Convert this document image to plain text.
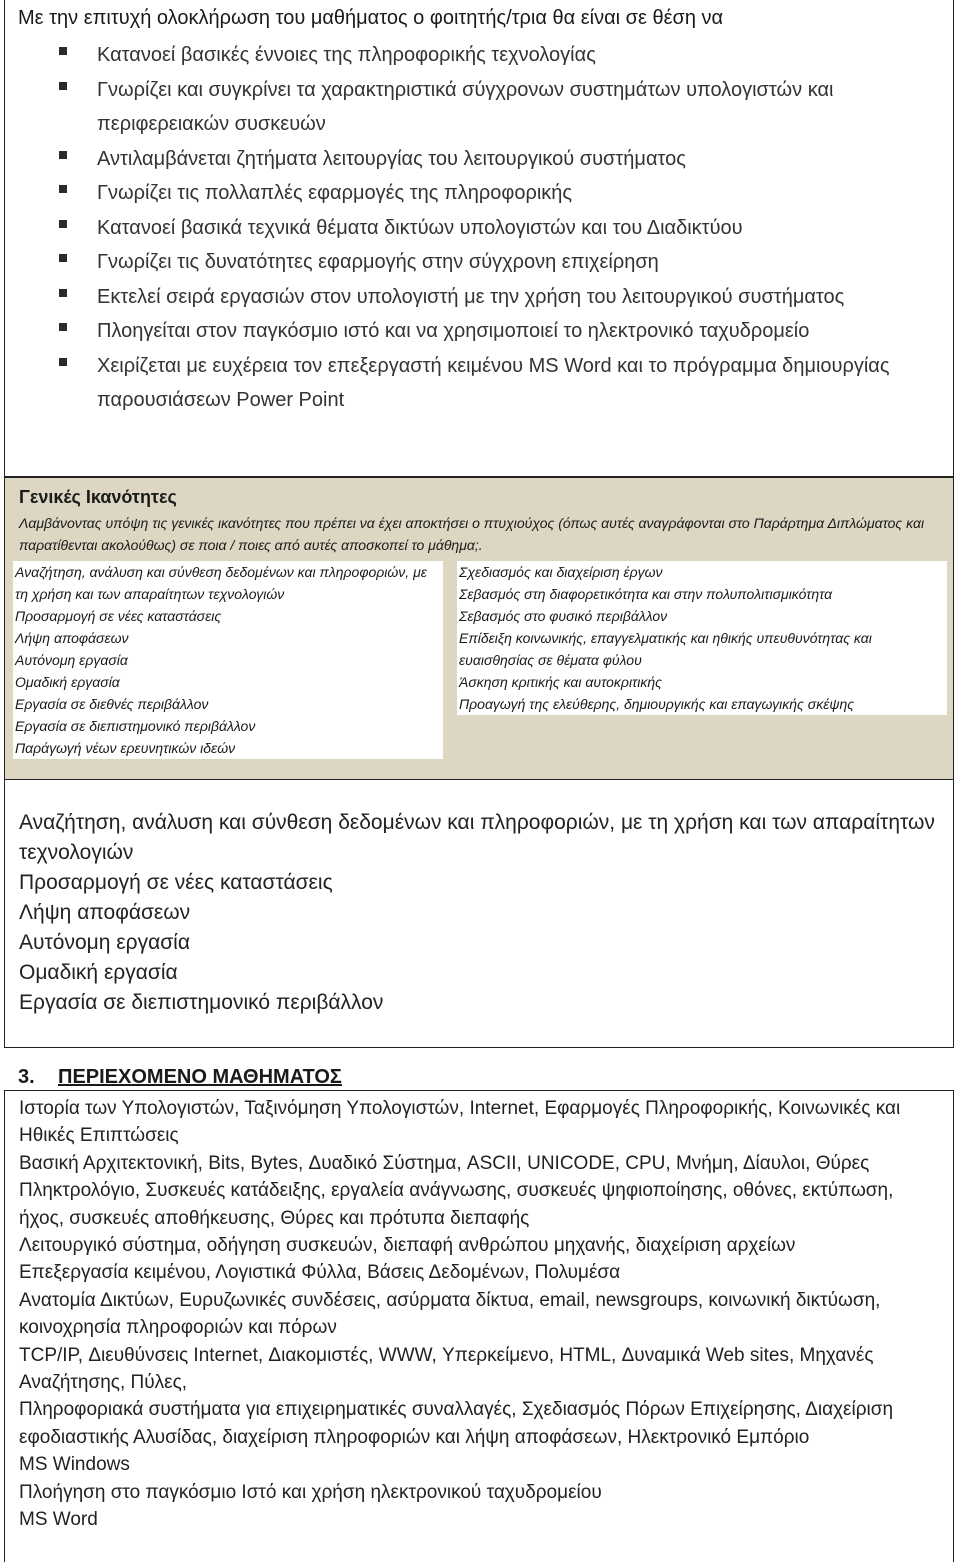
Με την επιτυχή ολοκλήρωση του μαθήματος ο φοιτητής/τρια θα είναι σε θέση να
Κατανοεί βασικές έννοιες της πληροφορικής τεχνολογίας
Γνωρίζει και συγκρίνει τα χαρακτηριστικά σύγχρονων συστημάτων υπολογιστών και περιφερειακών συσκευών
Αντιλαμβάνεται ζητήματα λειτουργίας του λειτουργικού συστήματος
Γνωρίζει τις πολλαπλές εφαρμογές της πληροφορικής
Κατανοεί βασικά τεχνικά θέματα δικτύων υπολογιστών και του Διαδικτύου
Γνωρίζει τις δυνατότητες εφαρμογής στην σύγχρονη επιχείρηση
Εκτελεί σειρά εργασιών στον υπολογιστή με την χρήση του λειτουργικού συστήματος
Πλοηγείται στον παγκόσμιο ιστό και να χρησιμοποιεί το ηλεκτρονικό ταχυδρομείο
Χειρίζεται με ευχέρεια τον επεξεργαστή κειμένου MS Word και το πρόγραμμα δημιουργίας παρουσιάσεων Power Point
Γενικές Ικανότητες
Λαμβάνοντας υπόψη τις γενικές ικανότητες που πρέπει να έχει αποκτήσει ο πτυχιούχος (όπως αυτές αναγράφονται στο Παράρτημα Διπλώματος και παρατίθενται ακολούθως) σε ποια / ποιες από αυτές αποσκοπεί το μάθημα;.
Αναζήτηση, ανάλυση και σύνθεση δεδομένων και πληροφοριών, με τη χρήση και των απαραίτητων τεχνολογιών
Προσαρμογή σε νέες καταστάσεις
Λήψη αποφάσεων
Αυτόνομη εργασία
Ομαδική εργασία
Εργασία σε διεθνές περιβάλλον
Εργασία σε διεπιστημονικό περιβάλλον
Παράγωγή νέων ερευνητικών ιδεών
Σχεδιασμός και διαχείριση έργων
Σεβασμός στη διαφορετικότητα και στην πολυπολιτισμικότητα
Σεβασμός στο φυσικό περιβάλλον
Επίδειξη κοινωνικής, επαγγελματικής και ηθικής υπευθυνότητας και ευαισθησίας σε θέματα φύλου
Άσκηση κριτικής και αυτοκριτικής
Προαγωγή της ελεύθερης, δημιουργικής και επαγωγικής σκέψης
Αναζήτηση, ανάλυση και σύνθεση δεδομένων και πληροφοριών, με τη χρήση και των απαραίτητων τεχνολογιών
Προσαρμογή σε νέες καταστάσεις
Λήψη αποφάσεων
Αυτόνομη εργασία
Ομαδική εργασία
Εργασία σε διεπιστημονικό περιβάλλον
3. ΠΕΡΙΕΧΟΜΕΝΟ ΜΑΘΗΜΑΤΟΣ
Ιστορία των Υπολογιστών, Ταξινόμηση Υπολογιστών, Internet, Εφαρμογές Πληροφορικής, Κοινωνικές και Ηθικές Επιπτώσεις
Βασική Αρχιτεκτονική, Bits, Bytes, Δυαδικό Σύστημα, ASCII, UNICODE, CPU, Μνήμη, Δίαυλοι, Θύρες
Πληκτρολόγιο, Συσκευές κατάδειξης, εργαλεία ανάγνωσης, συσκευές ψηφιοποίησης, οθόνες, εκτύπωση, ήχος, συσκευές αποθήκευσης, Θύρες και πρότυπα διεπαφής
Λειτουργικό σύστημα, οδήγηση συσκευών, διεπαφή ανθρώπου μηχανής, διαχείριση αρχείων
Επεξεργασία κειμένου, Λογιστικά Φύλλα, Βάσεις Δεδομένων, Πολυμέσα
Ανατομία Δικτύων, Ευρυζωνικές συνδέσεις, ασύρματα δίκτυα, email, newsgroups, κοινωνική δικτύωση, κοινοχρησία πληροφοριών και πόρων
TCP/IP, Διευθύνσεις Internet, Διακομιστές, WWW, Υπερκείμενο, HTML, Δυναμικά Web sites, Μηχανές Αναζήτησης, Πύλες,
Πληροφοριακά συστήματα για επιχειρηματικές συναλλαγές, Σχεδιασμός Πόρων Επιχείρησης, Διαχείριση εφοδιαστικής Αλυσίδας, διαχείριση πληροφοριών και λήψη αποφάσεων, Ηλεκτρονικό Εμπόριο
MS Windows
Πλοήγηση στο παγκόσμιο Ιστό και χρήση ηλεκτρονικού ταχυδρομείου
MS Word
